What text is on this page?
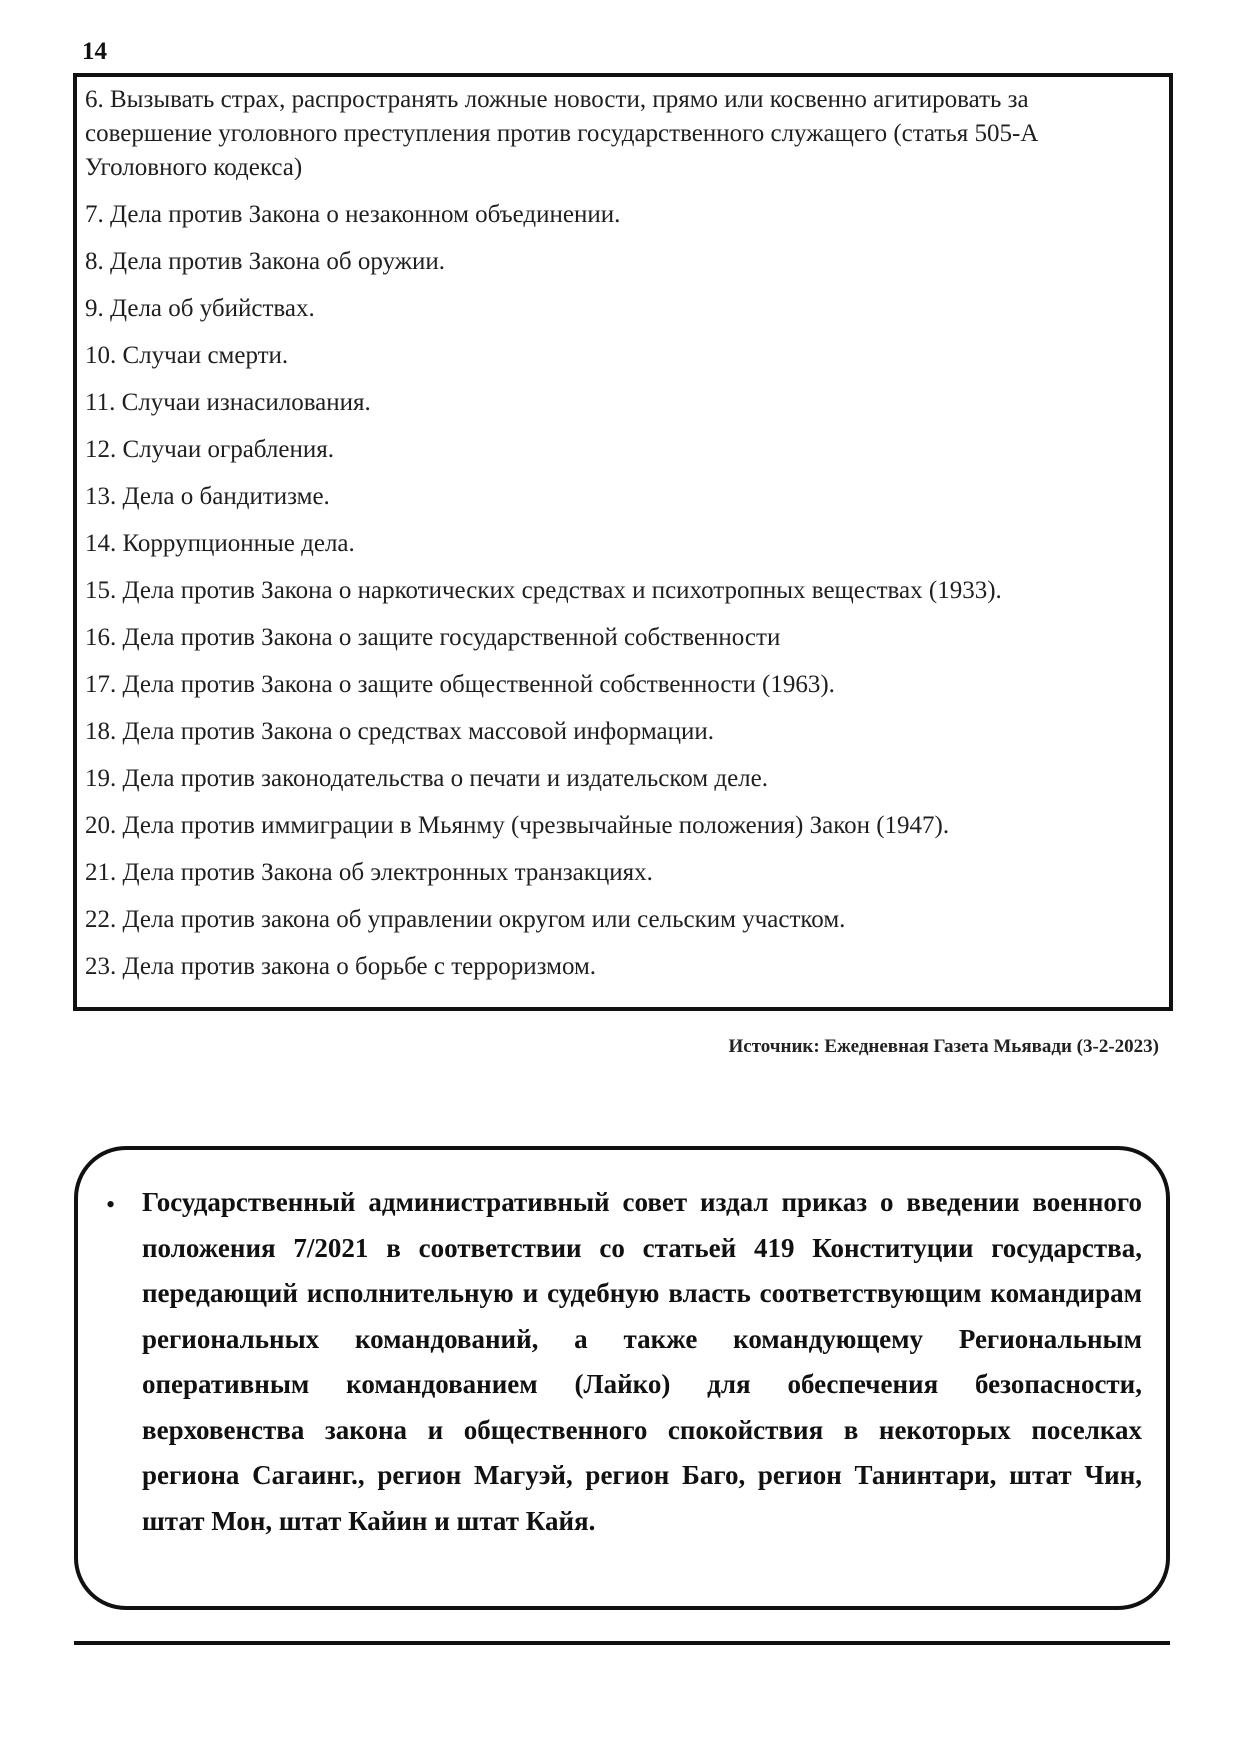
14

6. Вызывать страх, распространять ложные новости, прямо или косвенно агитировать за совершение уголовного преступления против государственного служащего (статья 505-А Уголовного кодекса)

7. Дела против Закона о незаконном объединении.

8. Дела против Закона об оружии.

9. Дела об убийствах.

10. Случаи смерти.

11. Случаи изнасилования.

12. Случаи ограбления.

13. Дела о бандитизме.

14. Коррупционные дела.

15. Дела против Закона о наркотических средствах и психотропных веществах (1933).

16. Дела против Закона о защите государственной собственности

17. Дела против Закона о защите общественной собственности (1963).

18. Дела против Закона о средствах массовой информации.

19. Дела против законодательства о печати и издательском деле.

20. Дела против иммиграции в Мьянму (чрезвычайные положения) Закон (1947).

21. Дела против Закона об электронных транзакциях.

22. Дела против закона об управлении округом или сельским участком.

23. Дела против закона о борьбе с терроризмом.

Источник: Ежедневная Газета Мьявади (3-2-2023)
• Государственный административный совет издал приказ о введении военного положения 7/2021 в соответствии со статьей 419 Конституции государства, передающий исполнительную и судебную власть соответствующим командирам региональных командований, а также командующему Региональным оперативным командованием (Лайко) для обеспечения безопасности, верховенства закона и общественного спокойствия в некоторых поселках региона Сагаинг., регион Магуэй, регион Баго, регион Танинтари, штат Чин, штат Мон, штат Кайин и штат Кайя.
